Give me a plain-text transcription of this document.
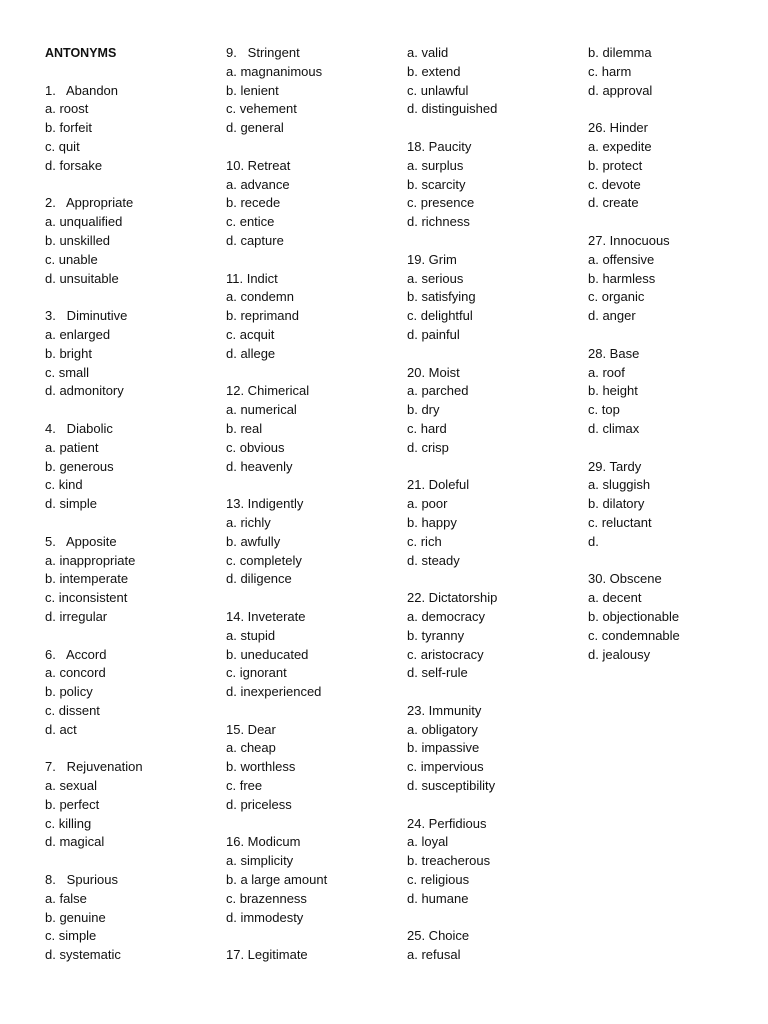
ANTONYMS
1.   Abandon
a. roost
b. forfeit
c. quit
d. forsake
2.   Appropriate
a. unqualified
b. unskilled
c. unable
d. unsuitable
3.   Diminutive
a. enlarged
b. bright
c. small
d. admonitory
4.   Diabolic
a. patient
b. generous
c. kind
d. simple
5.   Apposite
a. inappropriate
b. intemperate
c. inconsistent
d. irregular
6.   Accord
a. concord
b. policy
c. dissent
d. act
7.   Rejuvenation
a. sexual
b. perfect
c. killing
d. magical
8.   Spurious
a. false
b. genuine
c. simple
d. systematic
9.   Stringent
a. magnanimous
b. lenient
c. vehement
d. general
10. Retreat
a. advance
b. recede
c. entice
d. capture
11. Indict
a. condemn
b. reprimand
c. acquit
d. allege
12. Chimerical
a. numerical
b. real
c. obvious
d. heavenly
13. Indigently
a. richly
b. awfully
c. completely
d. diligence
14. Inveterate
a. stupid
b. uneducated
c. ignorant
d. inexperienced
15. Dear
a. cheap
b. worthless
c. free
d. priceless
16. Modicum
a. simplicity
b. a large amount
c. brazenness
d. immodesty
17. Legitimate
a. valid
b. extend
c. unlawful
d. distinguished
18. Paucity
a. surplus
b. scarcity
c. presence
d. richness
19. Grim
a. serious
b. satisfying
c. delightful
d. painful
20. Moist
a. parched
b. dry
c. hard
d. crisp
21. Doleful
a. poor
b. happy
c. rich
d. steady
22. Dictatorship
a. democracy
b. tyranny
c. aristocracy
d. self-rule
23. Immunity
a. obligatory
b. impassive
c. impervious
d. susceptibility
24. Perfidious
a. loyal
b. treacherous
c. religious
d. humane
25. Choice
a. refusal
b. dilemma
c. harm
d. approval
26. Hinder
a. expedite
b. protect
c. devote
d. create
27. Innocuous
a. offensive
b. harmless
c. organic
d. anger
28. Base
a. roof
b. height
c. top
d. climax
29. Tardy
a. sluggish
b. dilatory
c. reluctant
d.
30. Obscene
a. decent
b. objectionable
c. condemnable
d. jealousy
